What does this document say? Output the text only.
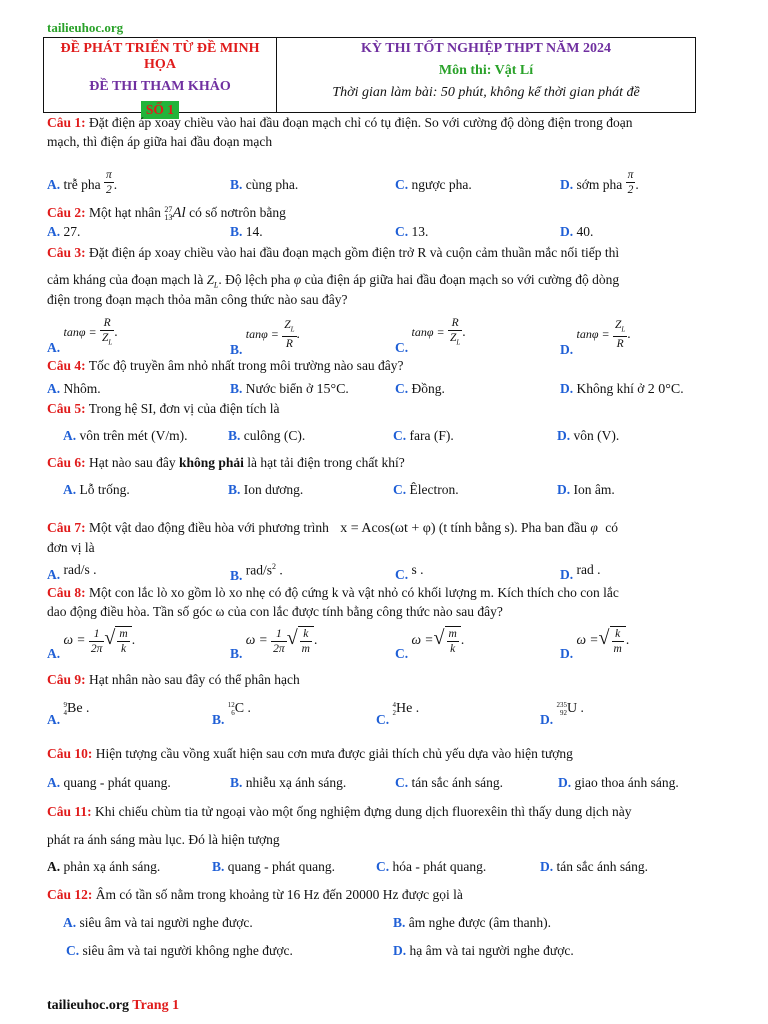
tailieuhoc.org
ĐỀ PHÁT TRIỂN TỪ ĐỀ MINH HỌA
ĐỀ THI THAM KHẢO
SỐ 1
KỲ THI TỐT NGHIỆP THPT NĂM 2024
Môn thi: Vật Lí
Thời gian làm bài: 50 phút, không kể thời gian phát đề
Câu 1: Đặt điện áp xoay chiều vào hai đầu đoạn mạch chỉ có tụ điện. So với cường độ dòng điện trong đoạn
mạch, thì điện áp giữa hai đầu đoạn mạch
A. trễ pha $\frac{\pi}{2}$ .	B. cùng pha.	C. ngược pha.	D. sớm pha $\frac{\pi}{2}$ .
Câu 2: Một hạt nhân 27
13Al có số nơtrôn bằng
A. 27.	B. 14.	C. 13.	D. 40.
Câu 3: Đặt điện áp xoay chiều vào hai đầu đoạn mạch gồm điện trở R và cuộn cảm thuần mắc nối tiếp thì
cảm kháng của đoạn mạch là $Z_L$. Độ lệch pha φ của điện áp giữa hai đầu đoạn mạch so với cường độ dòng
điện trong đoạn mạch thỏa mãn công thức nào sau đây?
A. $\tan\varphi = \frac{R}{Z_L}$ .
B. $\tan\varphi = \frac{Z_L}{R}$ .
C. $\tan\varphi = \frac{R}{Z_L}$ .
D. $\tan\varphi = \frac{Z_L}{R}$ .
Câu 4: Tốc độ truyền âm nhỏ nhất trong môi trường nào sau đây?
A. Nhôm.	B. Nước biển ở 15°C.	C. Đồng.	D. Không khí ở 2 0°C.
Câu 5: Trong hệ SI, đơn vị của điện tích là
A. vôn trên mét (V/m).	B. culông (C).	C. fara (F).	D. vôn (V).
Câu 6: Hạt nào sau đây không phải là hạt tải điện trong chất khí?
A. Lỗ trống.	B. Ion dương.	C. Êlectron.	D. Ion âm.
Câu 7: Một vật dao động điều hòa với phương trình x = Acos(ωt + φ) (t tính bằng s). Pha ban đầu φ có
đơn vị là
A. rad/s .	B. rad/$s^2$ .	C. s .	D. rad .
Câu 8: Một con lắc lò xo gồm lò xo nhẹ có độ cứng k và vật nhỏ có khối lượng m. Kích thích cho con lắc
dao động điều hòa. Tần số góc ω của con lắc được tính bằng công thức nào sau đây?
A. $\omega = \frac{1}{2\pi}$ √ $\frac{m}{k}$ .
B. $\omega = \frac{1}{2\pi}$ √ $\frac{k}{m}$ .
C. ω =√ $\frac{m}{k}$ .
D. ω =√ $\frac{k}{m}$ .
Câu 9: Hạt nhân nào sau đây có thể phân hạch
A. 9
4Be .
B. 12
6C .
C. 4
2He .
D. 235
92U .
Câu 10: Hiện tượng cầu vồng xuất hiện sau cơn mưa được giải thích chủ yếu dựa vào hiện tượng
A. quang - phát quang.	B. nhiễu xạ ánh sáng.	C. tán sắc ánh sáng.	D. giao thoa ánh sáng.
Câu 11: Khi chiếu chùm tia tử ngoại vào một ống nghiệm đựng dung dịch fluorexêin thì thấy dung dịch này
phát ra ánh sáng màu lục. Đó là hiện tượng
A. phản xạ ánh sáng.	B. quang - phát quang.	C. hóa - phát quang.	D. tán sắc ánh sáng.
Câu 12: Âm có tần số nằm trong khoảng từ 16 Hz đến 20000 Hz được gọi là
A. siêu âm và tai người nghe được.	B. âm nghe được (âm thanh).
C. siêu âm và tai người không nghe được.	D. hạ âm và tai người nghe được.
tailieuhoc.org Trang 1
